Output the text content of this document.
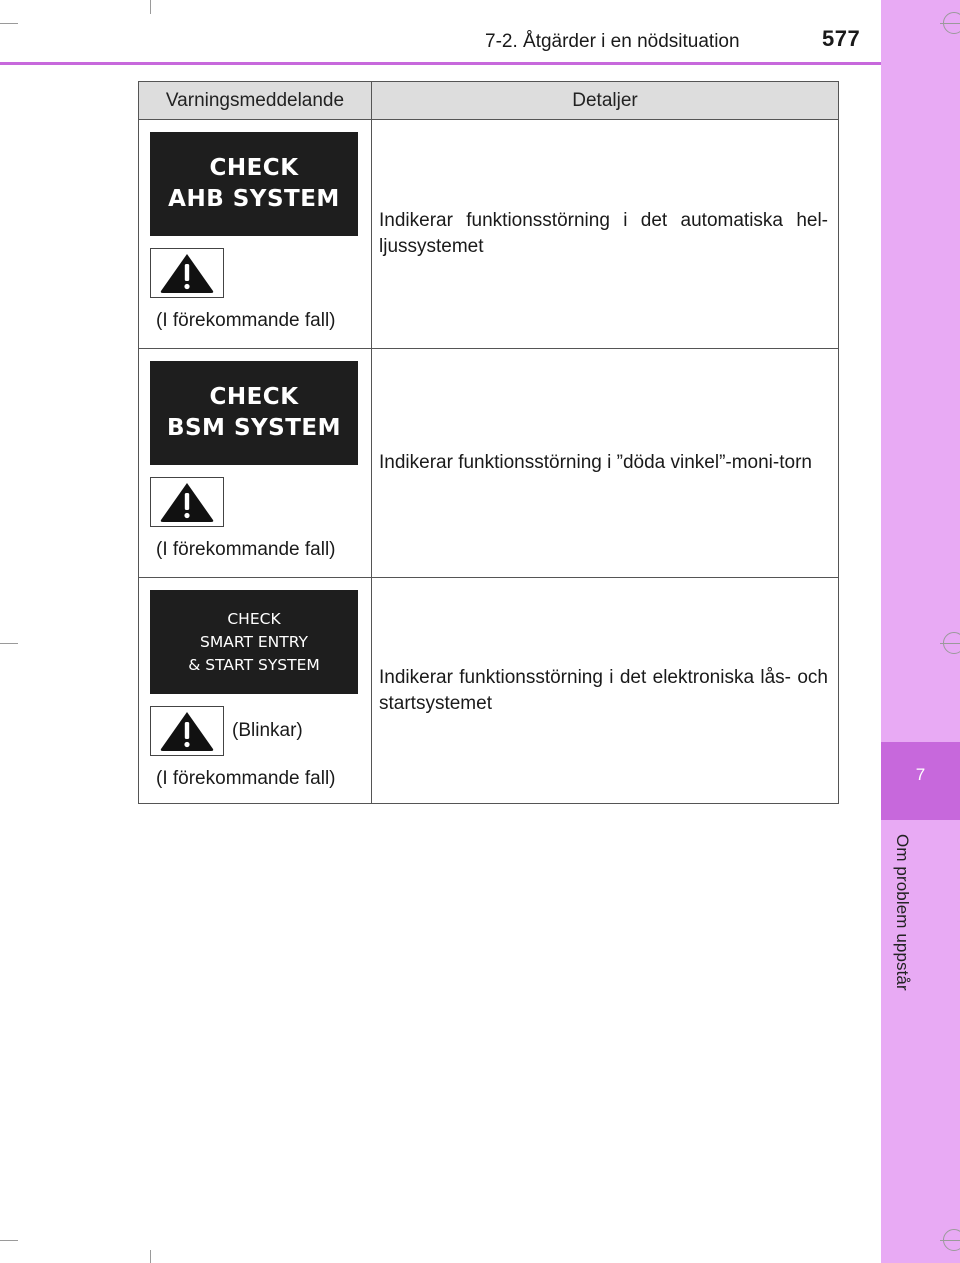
7
Om problem uppstår
7-2. Åtgärder i en nödsituation	577
Varningsmeddelande	Detaljer

CHECK
AHB SYSTEM
(I förekommande fall)	Indikerar funktionsstörning i det automatiska hel-ljussystemet

CHECK
BSM SYSTEM
(I förekommande fall)	Indikerar funktionsstörning i ”döda vinkel”-moni-torn

CHECK
SMART ENTRY
& START SYSTEM
(Blinkar)
(I förekommande fall)	Indikerar funktionsstörning i det elektroniska lås- och startsystemet
